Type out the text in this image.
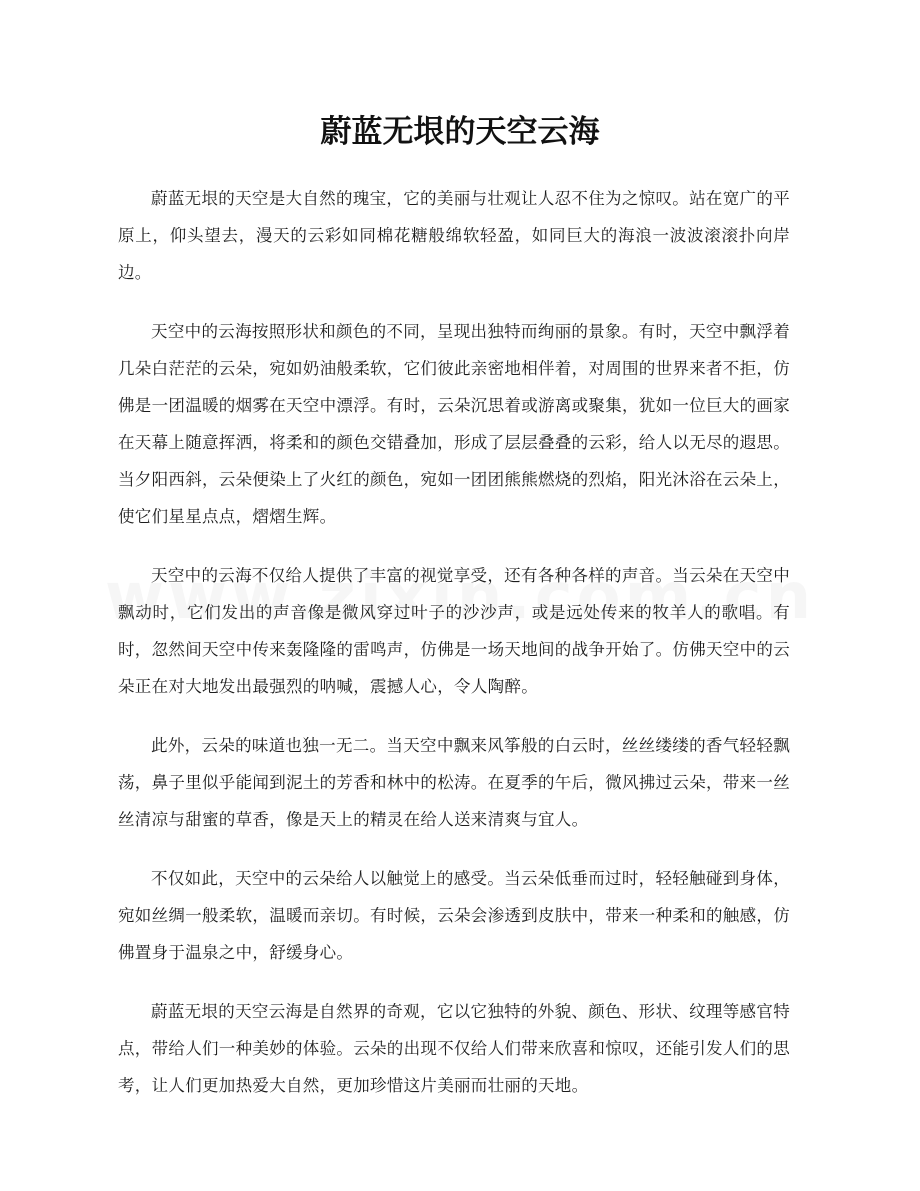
蔚蓝无垠的天空云海

蔚蓝无垠的天空是大自然的瑰宝，它的美丽与壮观让人忍不住为之惊叹。站在宽广的平原上，仰头望去，漫天的云彩如同棉花糖般绵软轻盈，如同巨大的海浪一波波滚滚扑向岸边。

天空中的云海按照形状和颜色的不同，呈现出独特而绚丽的景象。有时，天空中飘浮着几朵白茫茫的云朵，宛如奶油般柔软，它们彼此亲密地相伴着，对周围的世界来者不拒，仿佛是一团温暖的烟雾在天空中漂浮。有时，云朵沉思着或游离或聚集，犹如一位巨大的画家在天幕上随意挥洒，将柔和的颜色交错叠加，形成了层层叠叠的云彩，给人以无尽的遐思。当夕阳西斜，云朵便染上了火红的颜色，宛如一团团熊熊燃烧的烈焰，阳光沐浴在云朵上，使它们星星点点，熠熠生辉。

天空中的云海不仅给人提供了丰富的视觉享受，还有各种各样的声音。当云朵在天空中飘动时，它们发出的声音像是微风穿过叶子的沙沙声，或是远处传来的牧羊人的歌唱。有时，忽然间天空中传来轰隆隆的雷鸣声，仿佛是一场天地间的战争开始了。仿佛天空中的云朵正在对大地发出最强烈的呐喊，震撼人心，令人陶醉。

此外，云朵的味道也独一无二。当天空中飘来风筝般的白云时，丝丝缕缕的香气轻轻飘荡，鼻子里似乎能闻到泥土的芳香和林中的松涛。在夏季的午后，微风拂过云朵，带来一丝丝清凉与甜蜜的草香，像是天上的精灵在给人送来清爽与宜人。

不仅如此，天空中的云朵给人以触觉上的感受。当云朵低垂而过时，轻轻触碰到身体，宛如丝绸一般柔软，温暖而亲切。有时候，云朵会渗透到皮肤中，带来一种柔和的触感，仿佛置身于温泉之中，舒缓身心。

蔚蓝无垠的天空云海是自然界的奇观，它以它独特的外貌、颜色、形状、纹理等感官特点，带给人们一种美妙的体验。云朵的出现不仅给人们带来欣喜和惊叹，还能引发人们的思考，让人们更加热爱大自然，更加珍惜这片美丽而壮丽的天地。
